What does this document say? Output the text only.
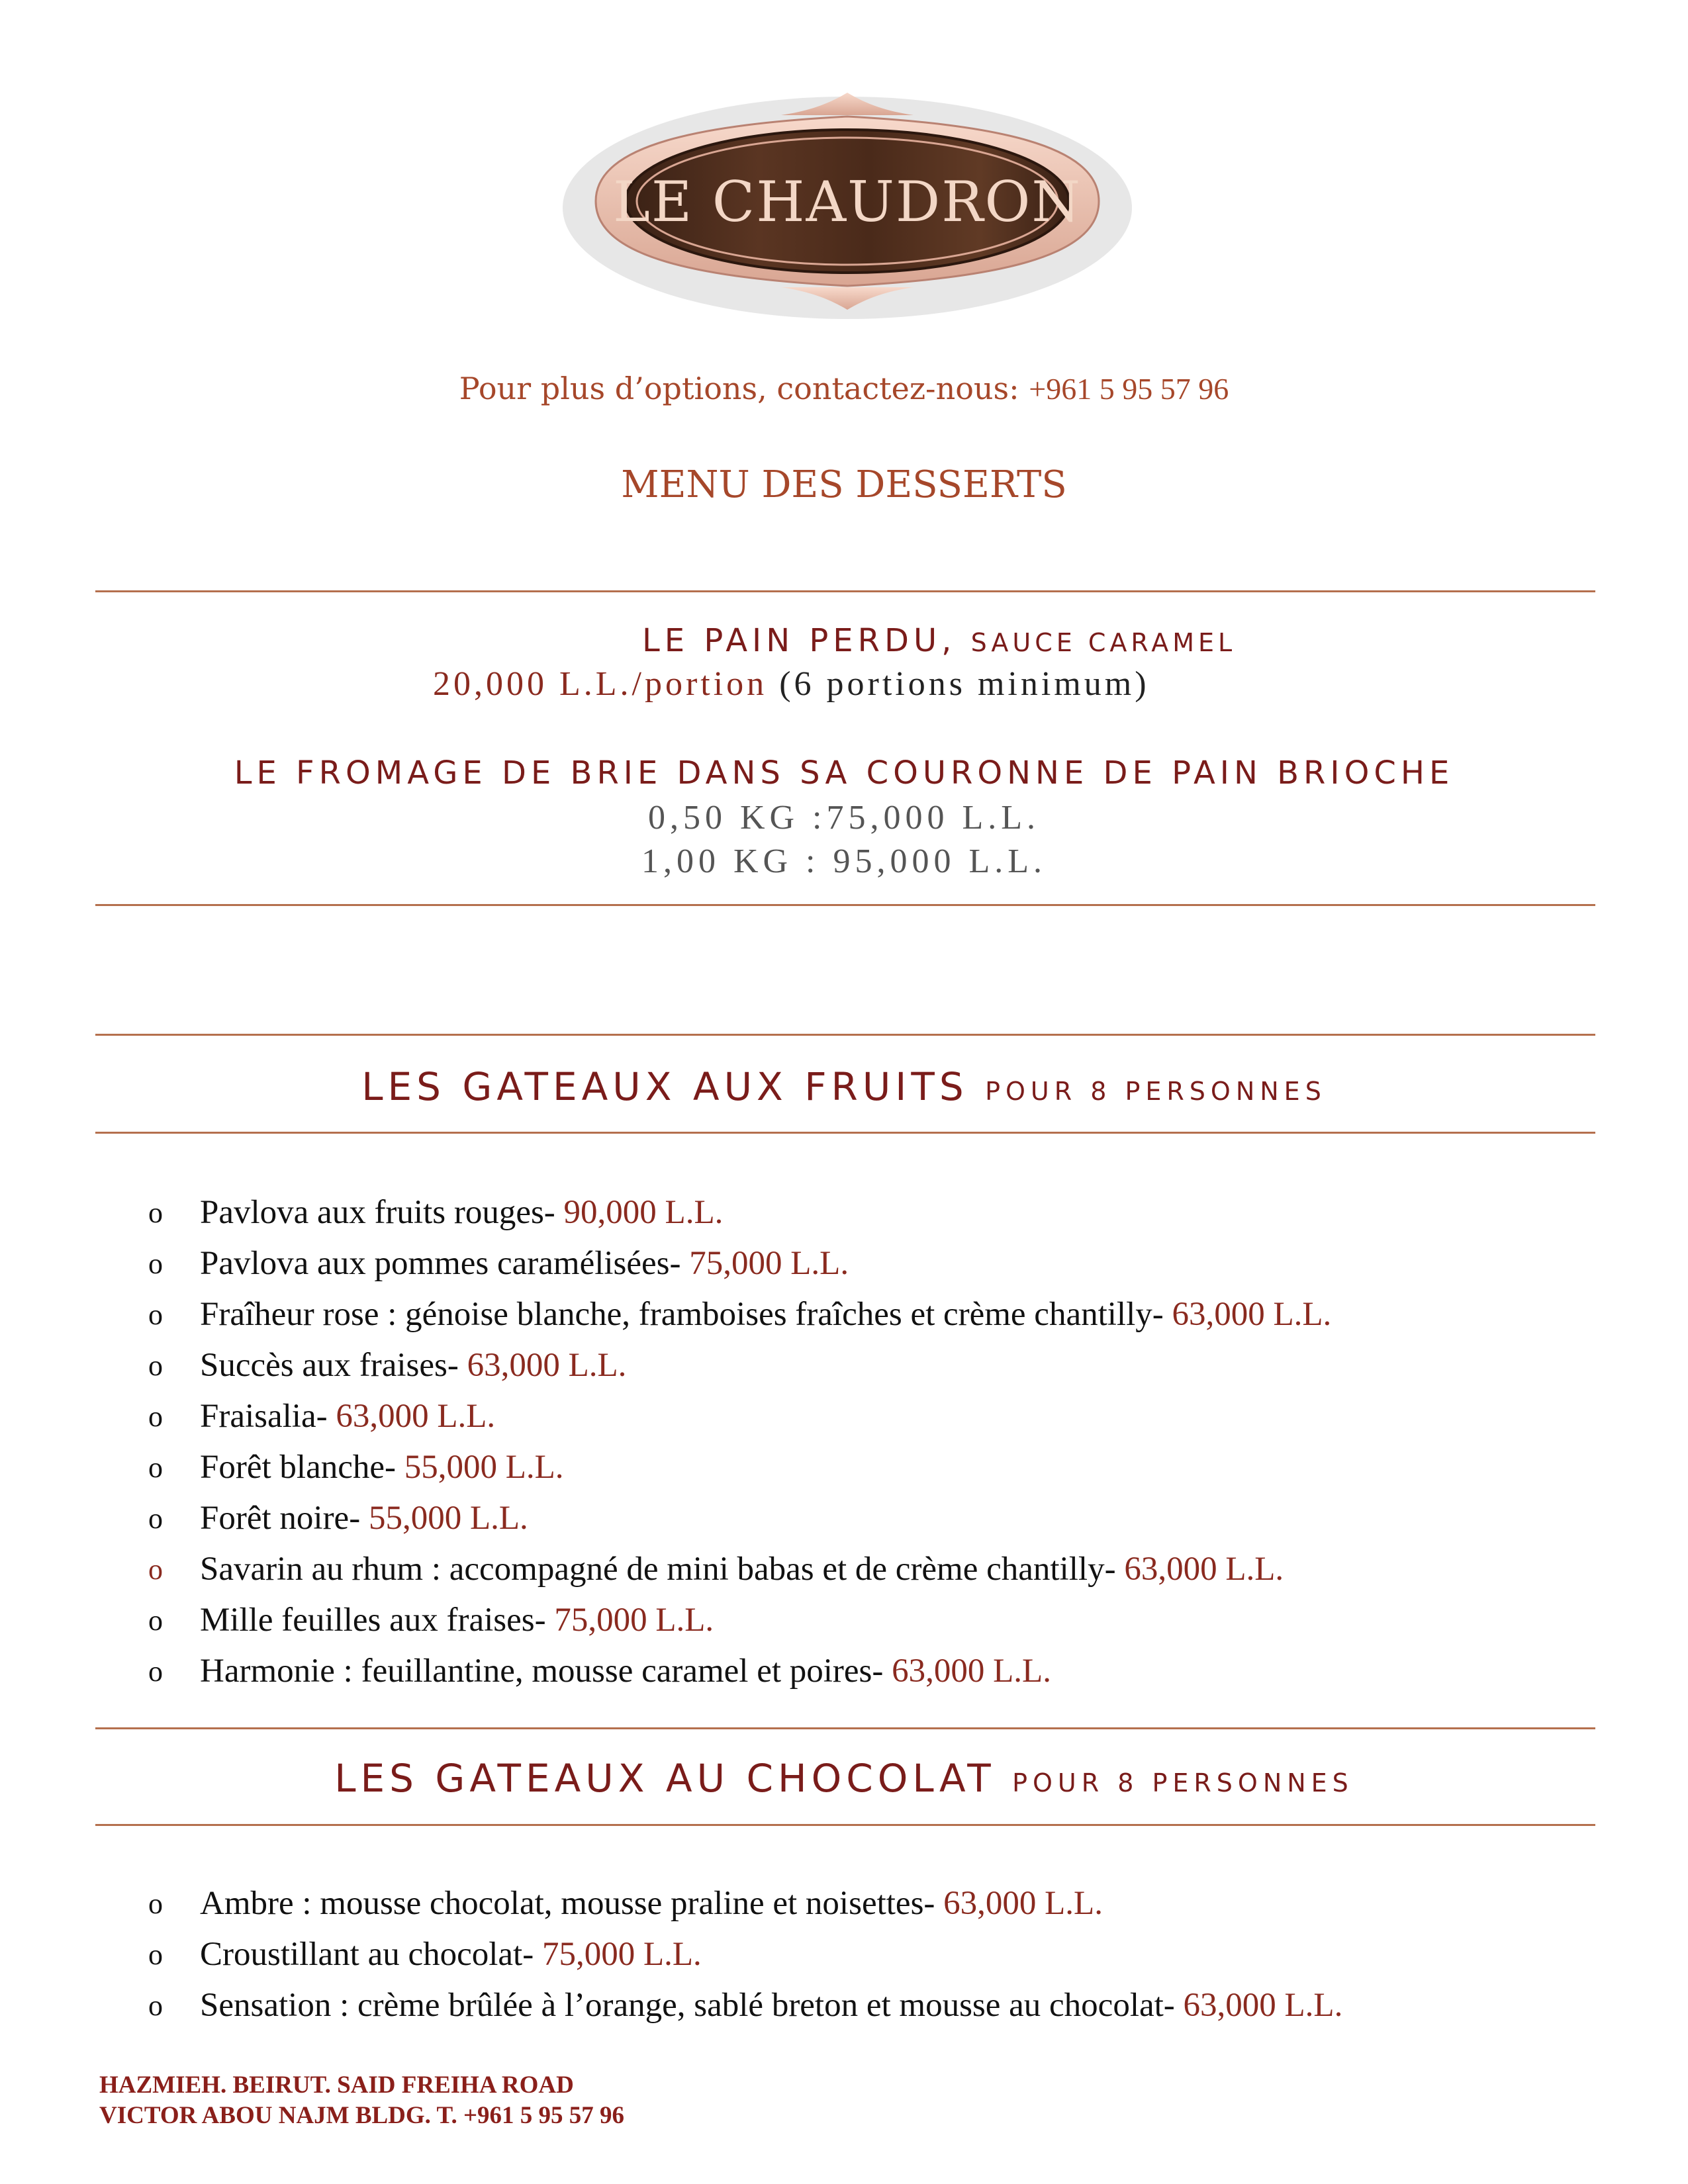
LE CHAUDRON
Pour plus d’options, contactez-nous: +961 5 95 57 96
MENU DES DESSERTS
LE PAIN PERDU, SAUCE CARAMEL
20,000 L.L./portion (6 portions minimum)
LE FROMAGE DE BRIE DANS SA COURONNE DE PAIN BRIOCHE
0,50 KG :75,000 L.L.
1,00 KG : 95,000 L.L.
LES GATEAUX AUX FRUITS POUR 8 PERSONNES
o Pavlova aux fruits rouges- 90,000 L.L.
o Pavlova aux pommes caramélisées- 75,000 L.L.
o Fraîheur rose : génoise blanche, framboises fraîches et crème chantilly- 63,000 L.L.
o Succès aux fraises- 63,000 L.L.
o Fraisalia- 63,000 L.L.
o Forêt blanche- 55,000 L.L.
o Forêt noire- 55,000 L.L.
o Savarin au rhum : accompagné de mini babas et de crème chantilly- 63,000 L.L.
o Mille feuilles aux fraises- 75,000 L.L.
o Harmonie : feuillantine, mousse caramel et poires- 63,000 L.L.
LES GATEAUX AU CHOCOLAT POUR 8 PERSONNES
o Ambre : mousse chocolat, mousse praline et noisettes- 63,000 L.L.
o Croustillant au chocolat- 75,000 L.L.
o Sensation : crème brûlée à l’orange, sablé breton et mousse au chocolat- 63,000 L.L.
HAZMIEH. BEIRUT. SAID FREIHA ROAD
VICTOR ABOU NAJM BLDG. T. +961 5 95 57 96
